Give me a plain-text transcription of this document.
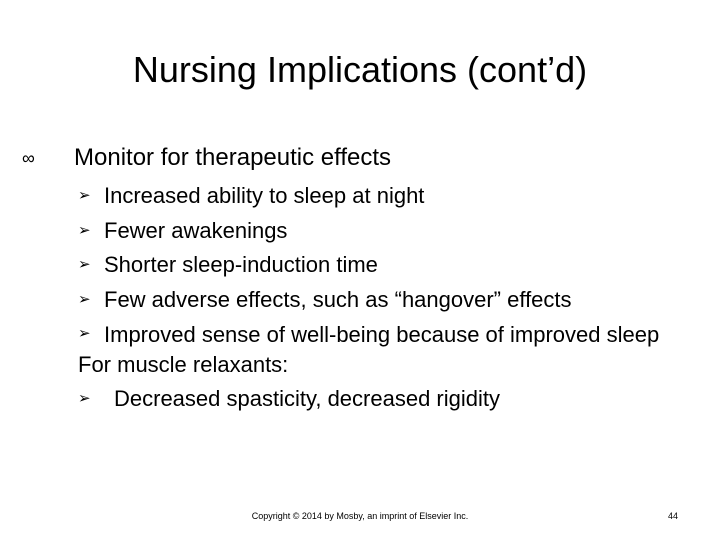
Nursing Implications (cont’d)
∞	Monitor for therapeutic effects
➢ Increased ability to sleep at night
➢ Fewer awakenings
➢ Shorter sleep-induction time
➢ Few adverse effects, such as “hangover” effects
➢ Improved sense of well-being because of improved sleep
For muscle relaxants:
➢	Decreased spasticity, decreased rigidity
Copyright © 2014 by Mosby, an imprint of Elsevier Inc.	44
